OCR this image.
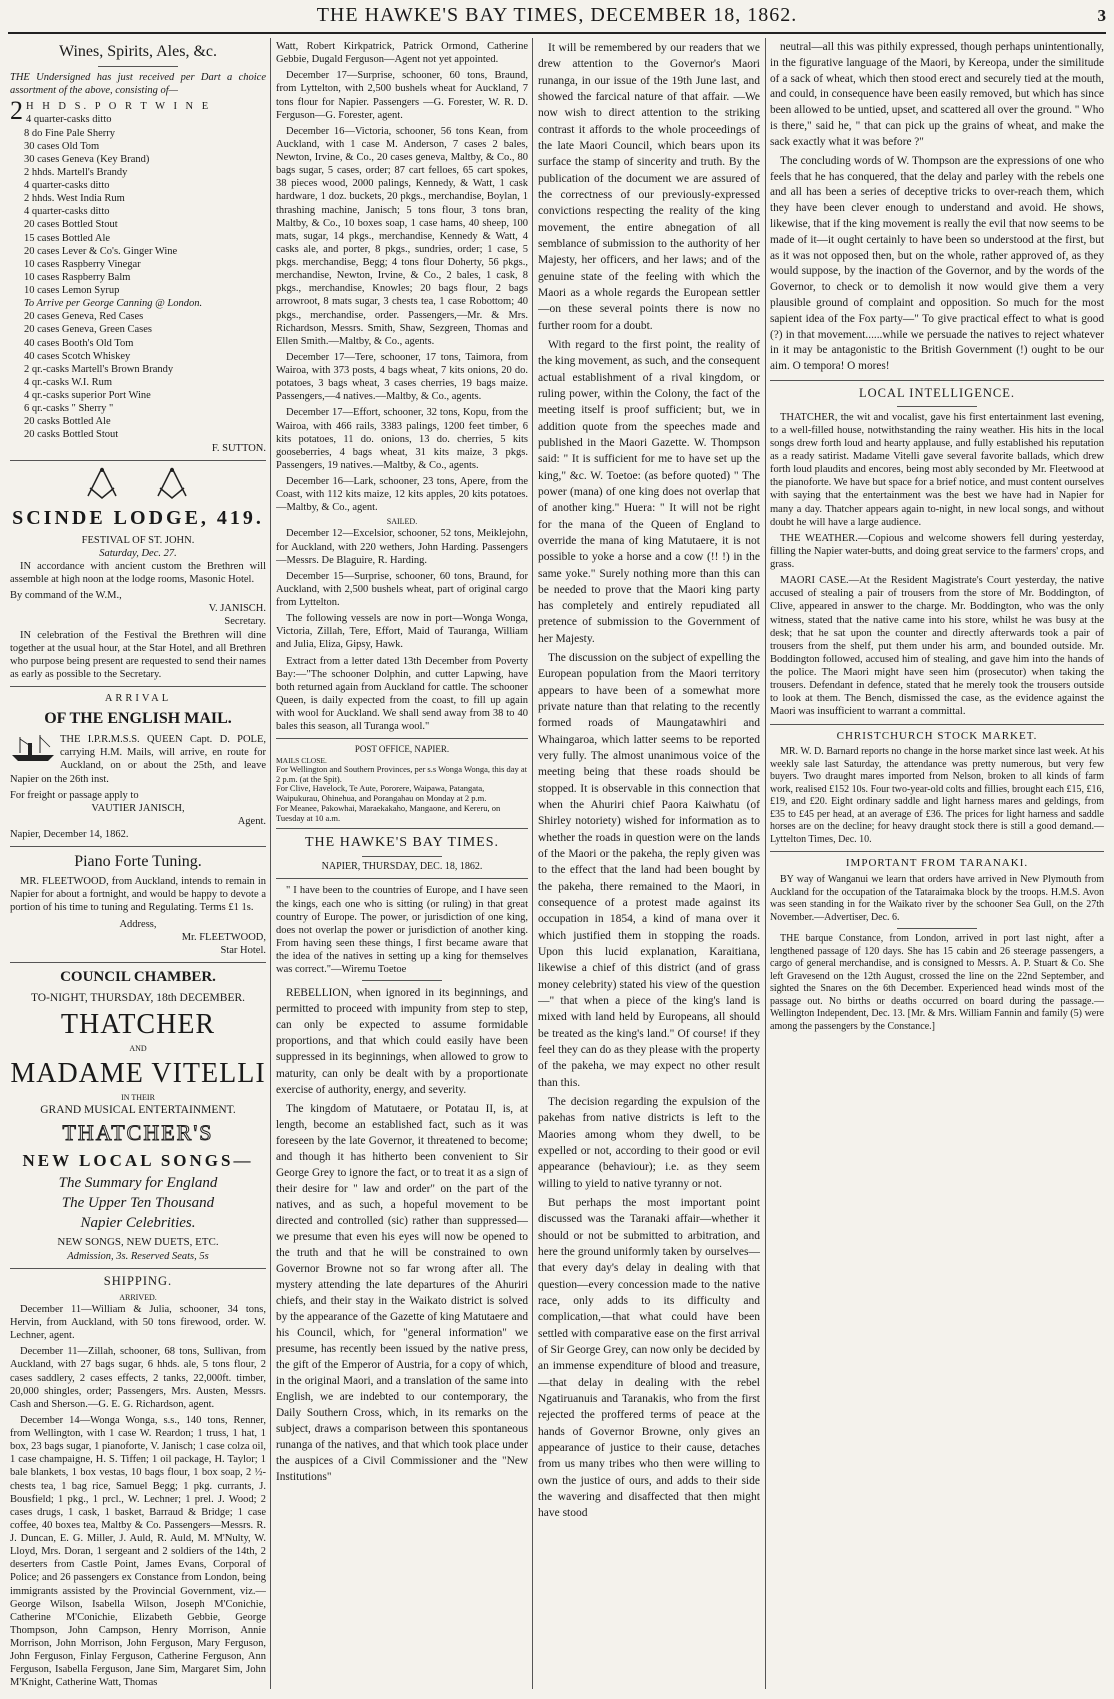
THE HAWKE'S BAY TIMES, DECEMBER 18, 1862.	3
Wines, Spirits, Ales, &c.

THE Undersigned has just received per Dart a choice assortment of the above, consisting of—

2 H H D S. P O R T W I N E
4 quarter-casks ditto
8 do Fine Pale Sherry
30 cases Old Tom
30 cases Geneva (Key Brand)
2 hhds. Martell's Brandy
4 quarter-casks ditto
2 hhds. West India Rum
4 quarter-casks ditto
20 cases Bottled Stout
15 cases Bottled Ale
20 cases Lever & Co's. Ginger Wine
10 cases Raspberry Vinegar
10 cases Raspberry Balm
10 cases Lemon Syrup
To Arrive per George Canning @ London.
20 cases Geneva, Red Cases
20 cases Geneva, Green Cases
40 cases Booth's Old Tom
40 cases Scotch Whiskey
2 qr.-casks Martell's Brown Brandy
4 qr.-casks W.I. Rum
4 qr.-casks superior Port Wine
6 qr.-casks " Sherry "
20 casks Bottled Ale
20 casks Bottled Stout
F. SUTTON.
SCINDE LODGE, 419.
FESTIVAL OF ST. JOHN.
Saturday, Dec. 27.

IN accordance with ancient custom the Brethren will assemble at high noon at the lodge rooms, Masonic Hotel.

By command of the W.M.,
V. JANISCH.
Secretary.

IN celebration of the Festival the Brethren will dine together at the usual hour, at the Star Hotel, and all Brethren who purpose being present are requested to send their names as early as possible to the Secretary.

ARRIVAL
OF THE ENGLISH MAIL.

THE I.P.R.M.S.S. QUEEN Capt. D. POLE, carrying H.M. Mails, will arrive, en route for Auckland, on or about the 25th, and leave Napier on the 26th inst.

For freight or passage apply to
VAUTIER JANISCH,
Agent.
Napier, December 14, 1862.
Piano Forte Tuning.

MR. FLEETWOOD, from Auckland, intends to remain in Napier for about a fortnight, and would be happy to devote a portion of his time to tuning and Regulating. Terms £1 1s.

Address,
Mr. FLEETWOOD,
Star Hotel.
COUNCIL CHAMBER.
TO-NIGHT, THURSDAY, 18th DECEMBER.
THATCHER
AND
MADAME VITELLI
IN THEIR
GRAND MUSICAL ENTERTAINMENT.
THATCHER'S
NEW LOCAL SONGS—
The Summary for England
The Upper Ten Thousand
Napier Celebrities.
NEW SONGS, NEW DUETS, ETC.
Admission, 3s. Reserved Seats, 5s
SHIPPING.
ARRIVED.

December 11—William & Julia, schooner, 34 tons, Hervin, from Auckland, with 50 tons firewood, order. W. Lechner, agent.

December 11—Zillah, schooner, 68 tons, Sullivan, from Auckland, with 27 bags sugar, 6 hhds. ale, 5 tons flour, 2 cases saddlery, 2 cases effects, 2 tanks, 22,000ft. timber, 20,000 shingles, order; Passengers, Mrs. Austen, Messrs. Cash and Sherson.—G. E. G. Richardson, agent.

December 14—Wonga Wonga, s.s., 140 tons, Renner, from Wellington, with 1 case W. Reardon; 1 truss, 1 hat, 1 box, 23 bags sugar, 1 pianoforte, V. Janisch; 1 case colza oil, 1 case champaigne, H. S. Tiffen; 1 oil package, H. Taylor; 1 bale blankets, 1 box vestas, 10 bags flour, 1 box soap, 2 ½-chests tea, 1 bag rice, Samuel Begg; 1 pkg. currants, J. Bousfield; 1 pkg., 1 prcl., W. Lechner; 1 prel. J. Wood; 2 cases drugs, 1 cask, 1 basket, Barraud & Bridge; 1 case coffee, 40 boxes tea, Maltby & Co. Passengers—Messrs. R. J. Duncan, E. G. Miller, J. Auld, R. Auld, M. M'Nulty, W. Lloyd, Mrs. Doran, 1 sergeant and 2 soldiers of the 14th, 2 deserters from Castle Point, James Evans, Corporal of Police; and 26 passengers ex Constance from London, being immigrants assisted by the Provincial Government, viz.—George Wilson, Isabella Wilson, Joseph M'Conichie, Catherine M'Conichie, Elizabeth Gebbie, George Thompson, John Campson, Henry Morrison, Annie Morrison, John Morrison, John Ferguson, Mary Ferguson, John Ferguson, Finlay Ferguson, Catherine Ferguson, Ann Ferguson, Isabella Ferguson, Jane Sim, Margaret Sim, John M'Knight, Catherine Watt, Thomas

Watt, Robert Kirkpatrick, Patrick Ormond, Catherine Gebbie, Dugald Ferguson—Agent not yet appointed.

December 17—Surprise, schooner, 60 tons, Braund, from Lyttelton, with 2,500 bushels wheat for Auckland, 7 tons flour for Napier. Passengers —G. Forester, W. R. D. Ferguson—G. Forester, agent.

December 16—Victoria, schooner, 56 tons Kean, from Auckland, with 1 case M. Anderson, 7 cases 2 bales, Newton, Irvine, & Co., 20 cases geneva, Maltby, & Co., 80 bags sugar, 5 cases, order; 87 cart felloes, 65 cart spokes, 38 pieces wood, 2000 palings, Kennedy, & Watt, 1 cask hardware, 1 doz. buckets, 20 pkgs., merchandise, Boylan, 1 thrashing machine, Janisch; 5 tons flour, 3 tons bran, Maltby, & Co., 10 boxes soap, 1 case hams, 40 sheep, 100 mats, sugar, 14 pkgs., merchandise, Kennedy & Watt, 4 casks ale, and porter, 8 pkgs., sundries, order; 1 case, 5 pkgs. merchandise, Begg; 4 tons flour Doherty, 56 pkgs., merchandise, Newton, Irvine, & Co., 2 bales, 1 cask, 8 pkgs., merchandise, Knowles; 20 bags flour, 2 bags arrowroot, 8 mats sugar, 3 chests tea, 1 case Robottom; 40 pkgs., merchandise, order. Passengers,—Mr. & Mrs. Richardson, Messrs. Smith, Shaw, Sezgreen, Thomas and Ellen Smith.—Maltby, & Co., agents.

December 17—Tere, schooner, 17 tons, Taimora, from Wairoa, with 373 posts, 4 bags wheat, 7 kits onions, 20 do. potatoes, 3 bags wheat, 3 cases cherries, 19 bags maize. Passengers,—4 natives.—Maltby, & Co., agents.

December 17—Effort, schooner, 32 tons, Kopu, from the Wairoa, with 466 rails, 3383 palings, 1200 feet timber, 6 kits potatoes, 11 do. onions, 13 do. cherries, 5 kits gooseberries, 4 bags wheat, 31 kits maize, 3 pkgs. Passengers, 19 natives.—Maltby, & Co., agents.

December 16—Lark, schooner, 23 tons, Apere, from the Coast, with 112 kits maize, 12 kits apples, 20 kits potatoes.—Maltby, & Co., agent.

SAILED.

December 12—Excelsior, schooner, 52 tons, Meiklejohn, for Auckland, with 220 wethers, John Harding. Passengers—Messrs. De Blaguire, R. Harding.

December 15—Surprise, schooner, 60 tons, Braund, for Auckland, with 2,500 bushels wheat, part of original cargo from Lyttelton.

The following vessels are now in port—Wonga Wonga, Victoria, Zillah, Tere, Effort, Maid of Tauranga, William and Julia, Eliza, Gipsy, Hawk.

Extract from a letter dated 13th December from Poverty Bay:—"The schooner Dolphin, and cutter Lapwing, have both returned again from Auckland for cattle. The schooner Queen, is daily expected from the coast, to fill up again with wool for Auckland. We shall send away from 38 to 40 bales this season, all Turanga wool."

POST OFFICE, NAPIER.
MAILS CLOSE.
For Wellington and Southern Provinces, per s.s Wonga Wonga, this day at 2 p.m. (at the Spit).
For Clive, Havelock, Te Aute, Pororere, Waipawa, Patangata, Waipukurau, Ohinehua, and Porangahau on Monday at 2 p.m.
For Meanee, Pakowhai, Maraekakaho, Mangaone, and Kereru, on Tuesday at 10 a.m.
THE HAWKE'S BAY TIMES.
NAPIER, THURSDAY, DEC. 18, 1862.

" I have been to the countries of Europe, and I have seen the kings, each one who is sitting (or ruling) in that great country of Europe. The power, or jurisdiction of one king, does not overlap the power or jurisdiction of another king. From having seen these things, I first became aware that the idea of the natives in setting up a king for themselves was correct."—Wiremu Toetoe

REBELLION, when ignored in its beginnings, and permitted to proceed with impunity from step to step, can only be expected to assume formidable proportions, and that which could easily have been suppressed in its beginnings, when allowed to grow to maturity, can only be dealt with by a proportionate exercise of authority, energy, and severity.

The kingdom of Matutaere, or Potatau II, is, at length, become an established fact, such as it was foreseen by the late Governor, it threatened to become; and though it has hitherto been convenient to Sir George Grey to ignore the fact, or to treat it as a sign of their desire for " law and order" on the part of the natives, and as such, a hopeful movement to be directed and controlled (sic) rather than suppressed—we presume that even his eyes will now be opened to the truth and that he will be constrained to own Governor Browne not so far wrong after all. The mystery attending the late departures of the Ahuriri chiefs, and their stay in the Waikato district is solved by the appearance of the Gazette of king Matutaere and his Council, which, for "general information" we presume, has recently been issued by the native press, the gift of the Emperor of Austria, for a copy of which, in the original Maori, and a translation of the same into English, we are indebted to our contemporary, the Daily Southern Cross, which, in its remarks on the subject, draws a comparison between this spontaneous runanga of the natives, and that which took place under the auspices of a Civil Commissioner and the "New Institutions"

It will be remembered by our readers that we drew attention to the Governor's Maori runanga, in our issue of the 19th June last, and showed the farcical nature of that affair. —We now wish to direct attention to the striking contrast it affords to the whole proceedings of the late Maori Council, which bears upon its surface the stamp of sincerity and truth. By the publication of the document we are assured of the correctness of our previously-expressed convictions respecting the reality of the king movement, the entire abnegation of all semblance of submission to the authority of her Majesty, her officers, and her laws; and of the genuine state of the feeling with which the Maori as a whole regards the European settler—on these several points there is now no further room for a doubt.

With regard to the first point, the reality of the king movement, as such, and the consequent actual establishment of a rival kingdom, or ruling power, within the Colony, the fact of the meeting itself is proof sufficient; but, we in addition quote from the speeches made and published in the Maori Gazette. W. Thompson said: " It is sufficient for me to have set up the king," &c. W. Toetoe: (as before quoted) " The power (mana) of one king does not overlap that of another king." Huera: " It will not be right for the mana of the Queen of England to override the mana of king Matutaere, it is not possible to yoke a horse and a cow (!! !) in the same yoke." Surely nothing more than this can be needed to prove that the Maori king party has completely and entirely repudiated all pretence of submission to the Government of her Majesty.

The discussion on the subject of expelling the European population from the Maori territory appears to have been of a somewhat more private nature than that relating to the recently formed roads of Maungatawhiri and Whaingaroa, which latter seems to be reported very fully. The almost unanimous voice of the meeting being that these roads should be stopped. It is observable in this connection that when the Ahuriri chief Paora Kaiwhatu (of Shirley notoriety) wished for information as to whether the roads in question were on the lands of the Maori or the pakeha, the reply given was to the effect that the land had been bought by the pakeha, there remained to the Maori, in consequence of a protest made against its occupation in 1854, a kind of mana over it which justified them in stopping the roads. Upon this lucid explanation, Karaitiana, likewise a chief of this district (and of grass money celebrity) stated his view of the question—" that when a piece of the king's land is mixed with land held by Europeans, all should be treated as the king's land." Of course! if they feel they can do as they please with the property of the pakeha, we may expect no other result than this.

The decision regarding the expulsion of the pakehas from native districts is left to the Maories among whom they dwell, to be expelled or not, according to their good or evil appearance (behaviour); i.e. as they seem willing to yield to native tyranny or not.

But perhaps the most important point discussed was the Taranaki affair—whether it should or not be submitted to arbitration, and here the ground uniformly taken by ourselves—that every day's delay in dealing with that question—every concession made to the native race, only adds to its difficulty and complication,—that what could have been settled with comparative ease on the first arrival of Sir George Grey, can now only be decided by an immense expenditure of blood and treasure,—that delay in dealing with the rebel Ngatiruanuis and Taranakis, who from the first rejected the proffered terms of peace at the hands of Governor Browne, only gives an appearance of justice to their cause, detaches from us many tribes who then were willing to own the justice of ours, and adds to their side the wavering and disaffected that then might have stood

neutral—all this was pithily expressed, though perhaps unintentionally, in the figurative language of the Maori, by Kereopa, under the similitude of a sack of wheat, which then stood erect and securely tied at the mouth, and could, in consequence have been easily removed, but which has since been allowed to be untied, upset, and scattered all over the ground. " Who is there," said he, " that can pick up the grains of wheat, and make the sack exactly what it was before ?"

The concluding words of W. Thompson are the expressions of one who feels that he has conquered, that the delay and parley with the rebels one and all has been a series of deceptive tricks to over-reach them, which they have been clever enough to understand and avoid. He shows, likewise, that if the king movement is really the evil that now seems to be made of it—it ought certainly to have been so understood at the first, but as it was not opposed then, but on the whole, rather approved of, as they would suppose, by the inaction of the Governor, and by the words of the Governor, to check or to demolish it now would give them a very plausible ground of complaint and opposition. So much for the most sapient idea of the Fox party—" To give practical effect to what is good (?) in that movement......while we persuade the natives to reject whatever in it may be antagonistic to the British Government (!) ought to be our aim. O tempora! O mores!

LOCAL INTELLIGENCE.

THATCHER, the wit and vocalist, gave his first entertainment last evening, to a well-filled house, notwithstanding the rainy weather. His hits in the local songs drew forth loud and hearty applause, and fully established his reputation as a ready satirist. Madame Vitelli gave several favorite ballads, which drew forth loud plaudits and encores, being most ably seconded by Mr. Fleetwood at the pianoforte. We have but space for a brief notice, and must content ourselves with saying that the entertainment was the best we have had in Napier for many a day. Thatcher appears again to-night, in new local songs, and without doubt he will have a large audience.

THE WEATHER.—Copious and welcome showers fell during yesterday, filling the Napier water-butts, and doing great service to the farmers' crops, and grass.

MAORI CASE.—At the Resident Magistrate's Court yesterday, the native accused of stealing a pair of trousers from the store of Mr. Boddington, of Clive, appeared in answer to the charge. Mr. Boddington, who was the only witness, stated that the native came into his store, whilst he was busy at the desk; that he sat upon the counter and directly afterwards took a pair of trousers from the shelf, put them under his arm, and bounded outside. Mr. Boddington followed, accused him of stealing, and gave him into the hands of the police. The Maori might have seen him (prosecutor) when taking the trousers. Defendant in defence, stated that he merely took the trousers outside to look at them. The Bench, dismissed the case, as the evidence against the Maori was insufficient to warrant a committal.

CHRISTCHURCH STOCK MARKET.

MR. W. D. Barnard reports no change in the horse market since last week. At his weekly sale last Saturday, the attendance was pretty numerous, but very few buyers. Two draught mares imported from Nelson, broken to all kinds of farm work, realised £152 10s. Four two-year-old colts and fillies, brought each £15, £16, £19, and £20. Eight ordinary saddle and light harness mares and geldings, from £35 to £45 per head, at an average of £36. The prices for light harness and saddle horses are on the decline; for heavy draught stock there is still a good demand.—Lyttelton Times, Dec. 10.

IMPORTANT FROM TARANAKI.

BY way of Wanganui we learn that orders have arrived in New Plymouth from Auckland for the occupation of the Tataraimaka block by the troops. H.M.S. Avon was seen standing in for the Waikato river by the schooner Sea Gull, on the 27th November.—Advertiser, Dec. 6.

THE barque Constance, from London, arrived in port last night, after a lengthened passage of 120 days. She has 15 cabin and 26 steerage passengers, a cargo of general merchandise, and is consigned to Messrs. A. P. Stuart & Co. She left Gravesend on the 12th August, crossed the line on the 22nd September, and sighted the Snares on the 6th December. Experienced head winds most of the passage out. No births or deaths occurred on board during the passage.—Wellington Independent, Dec. 13. [Mr. & Mrs. William Fannin and family (5) were among the passengers by the Constance.]
